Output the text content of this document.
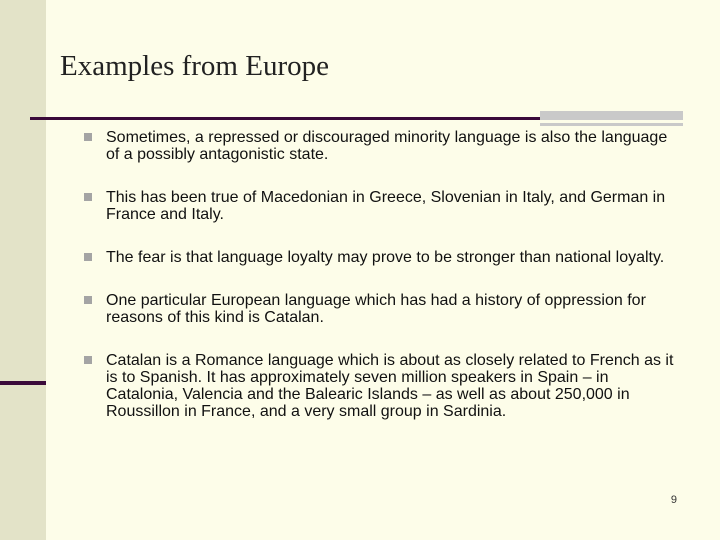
Examples from Europe
Sometimes, a repressed or discouraged minority language is also the language of a possibly antagonistic state.
This has been true of Macedonian in Greece, Slovenian in Italy, and German in France and Italy.
The fear is that language loyalty may prove to be stronger than national loyalty.
One particular European language which has had a history of oppression for reasons of this kind is Catalan.
Catalan is a Romance language which is about as closely related to French as it is to Spanish. It has approximately seven million speakers in Spain – in Catalonia, Valencia and the Balearic Islands – as well as about 250,000 in Roussillon in France, and a very small group in Sardinia.
9
